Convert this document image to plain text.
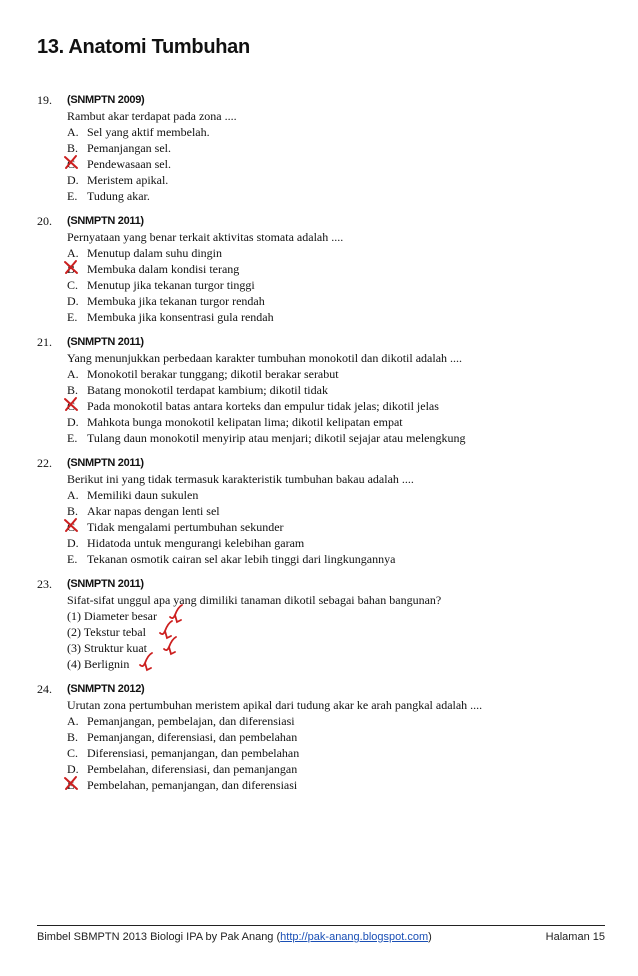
13. Anatomi Tumbuhan
19. (SNMPTN 2009)
Rambut akar terdapat pada zona ....
A. Sel yang aktif membelah.
B. Pemanjangan sel.
C. Pendewasaan sel.
D. Meristem apikal.
E. Tudung akar.
20. (SNMPTN 2011)
Pernyataan yang benar terkait aktivitas stomata adalah ....
A. Menutup dalam suhu dingin
B. Membuka dalam kondisi terang
C. Menutup jika tekanan turgor tinggi
D. Membuka jika tekanan turgor rendah
E. Membuka jika konsentrasi gula rendah
21. (SNMPTN 2011)
Yang menunjukkan perbedaan karakter tumbuhan monokotil dan dikotil adalah ....
A. Monokotil berakar tunggang; dikotil berakar serabut
B. Batang monokotil terdapat kambium; dikotil tidak
C. Pada monokotil batas antara korteks dan empulur tidak jelas; dikotil jelas
D. Mahkota bunga monokotil kelipatan lima; dikotil kelipatan empat
E. Tulang daun monokotil menyirip atau menjari; dikotil sejajar atau melengkung
22. (SNMPTN 2011)
Berikut ini yang tidak termasuk karakteristik tumbuhan bakau adalah ....
A. Memiliki daun sukulen
B. Akar napas dengan lenti sel
C. Tidak mengalami pertumbuhan sekunder
D. Hidatoda untuk mengurangi kelebihan garam
E. Tekanan osmotik cairan sel akar lebih tinggi dari lingkungannya
23. (SNMPTN 2011)
Sifat-sifat unggul apa yang dimiliki tanaman dikotil sebagai bahan bangunan?
(1) Diameter besar
(2) Tekstur tebal
(3) Struktur kuat
(4) Berlignin
24. (SNMPTN 2012)
Urutan zona pertumbuhan meristem apikal dari tudung akar ke arah pangkal adalah ....
A. Pemanjangan, pembelajan, dan diferensiasi
B. Pemanjangan, diferensiasi, dan pembelahan
C. Diferensiasi, pemanjangan, dan pembelahan
D. Pembelahan, diferensiasi, dan pemanjangan
E. Pembelahan, pemanjangan, dan diferensiasi
Bimbel SBMPTN 2013 Biologi IPA by Pak Anang (http://pak-anang.blogspot.com)	Halaman 15
